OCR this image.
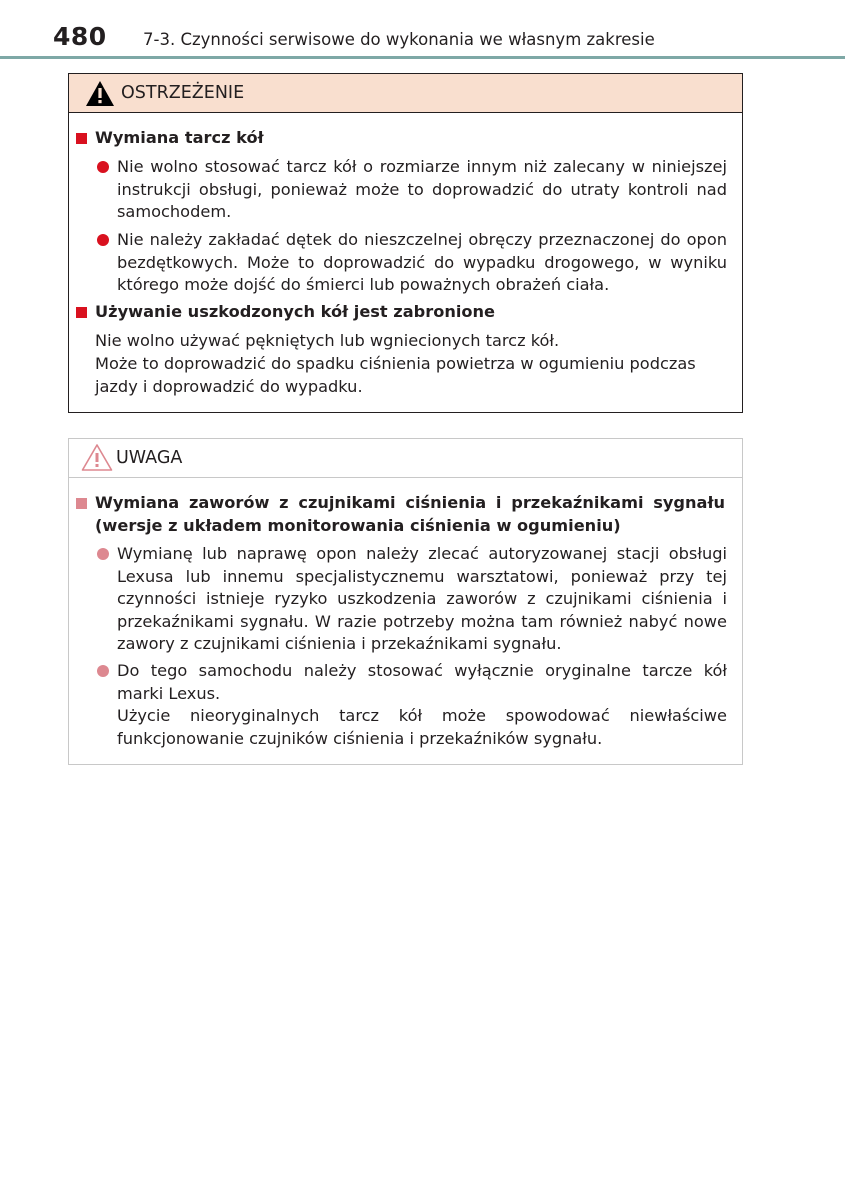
480 7-3. Czynności serwisowe do wykonania we własnym zakresie
OSTRZEŻENIE
Wymiana tarcz kół
Nie wolno stosować tarcz kół o rozmiarze innym niż zalecany w niniejszej instrukcji obsługi, ponieważ może to doprowadzić do utraty kontroli nad samochodem.
Nie należy zakładać dętek do nieszczelnej obręczy przeznaczonej do opon bezdętkowych. Może to doprowadzić do wypadku drogowego, w wyniku którego może dojść do śmierci lub poważnych obrażeń ciała.
Używanie uszkodzonych kół jest zabronione
Nie wolno używać pękniętych lub wgniecionych tarcz kół.
Może to doprowadzić do spadku ciśnienia powietrza w ogumieniu podczas jazdy i doprowadzić do wypadku.
UWAGA
Wymiana zaworów z czujnikami ciśnienia i przekaźnikami sygnału (wersje z układem monitorowania ciśnienia w ogumieniu)
Wymianę lub naprawę opon należy zlecać autoryzowanej stacji obsługi Lexusa lub innemu specjalistycznemu warsztatowi, ponieważ przy tej czynności istnieje ryzyko uszkodzenia zaworów z czujnikami ciśnienia i przekaźnikami sygnału. W razie potrzeby można tam również nabyć nowe zawory z czujnikami ciśnienia i przekaźnikami sygnału.
Do tego samochodu należy stosować wyłącznie oryginalne tarcze kół marki Lexus.
Użycie nieoryginalnych tarcz kół może spowodować niewłaściwe funkcjonowanie czujników ciśnienia i przekaźników sygnału.
